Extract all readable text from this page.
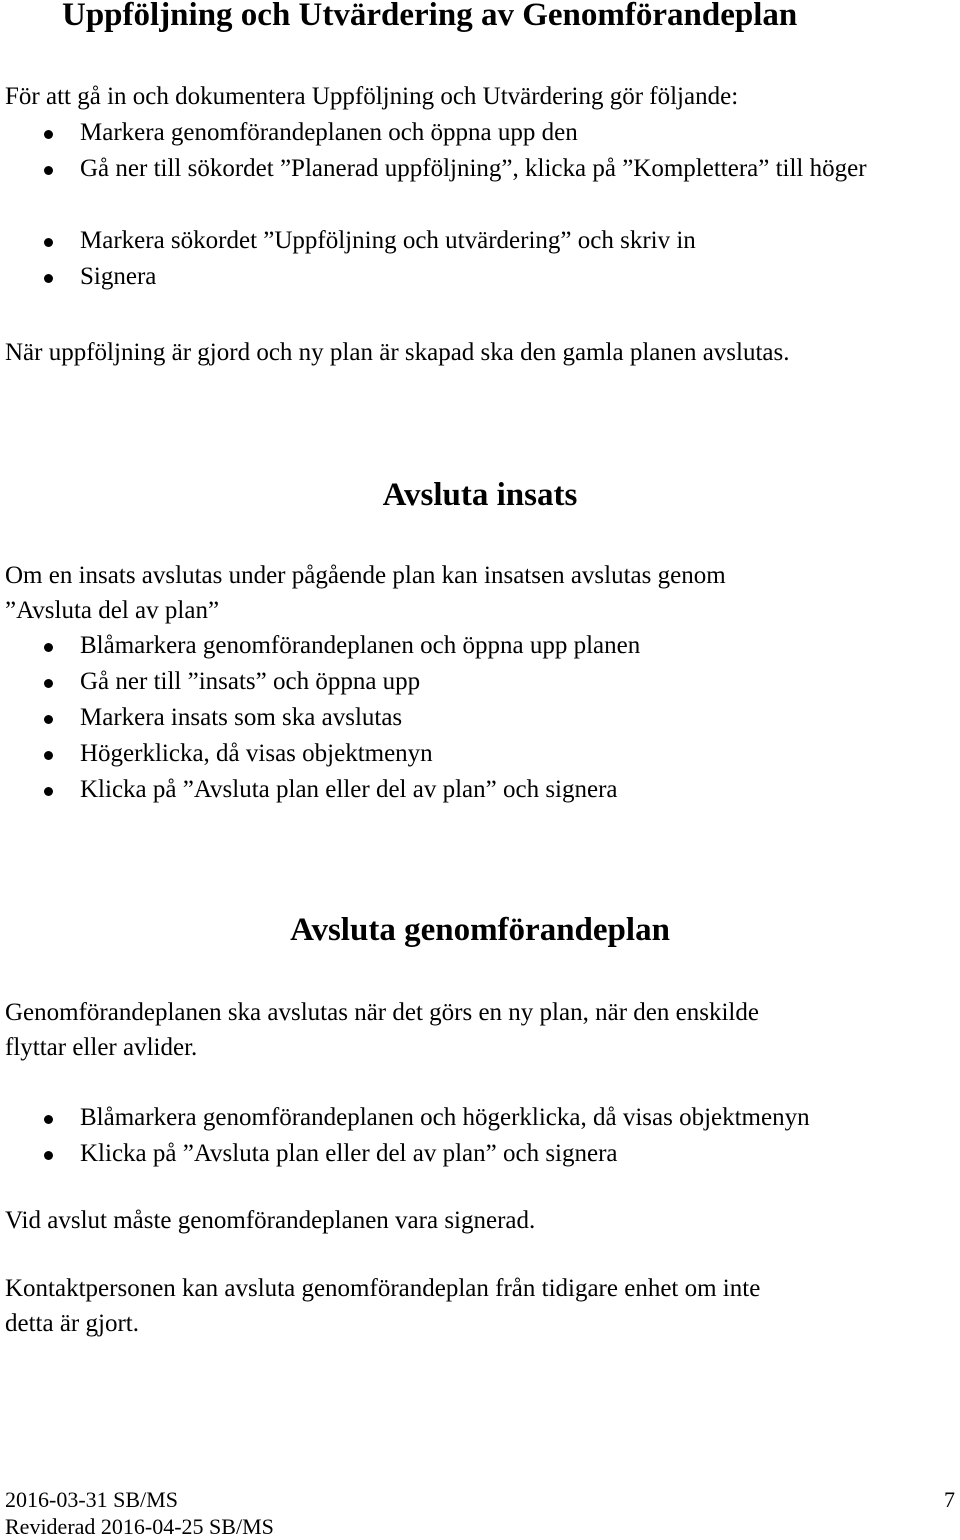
Uppföljning och Utvärdering av Genomförandeplan

För att gå in och dokumentera Uppföljning och Utvärdering gör följande:

Markera genomförandeplanen och öppna upp den
Gå ner till sökordet ”Planerad uppföljning”, klicka på ”Komplettera” till höger
Markera sökordet ”Uppföljning och utvärdering” och skriv in
Signera

När uppföljning är gjord och ny plan är skapad ska den gamla planen avslutas.

Avsluta insats

Om en insats avslutas under pågående plan kan insatsen avslutas genom

”Avsluta del av plan”

Blåmarkera genomförandeplanen och öppna upp planen
Gå ner till ”insats” och öppna upp
Markera insats som ska avslutas
Högerklicka, då visas objektmenyn
Klicka på ”Avsluta plan eller del av plan” och signera
Avsluta genomförandeplan

Genomförandeplanen ska avslutas när det görs en ny plan, när den enskilde

flyttar eller avlider.

Blåmarkera genomförandeplanen och högerklicka, då visas objektmenyn
Klicka på ”Avsluta plan eller del av plan” och signera

Vid avslut måste genomförandeplanen vara signerad.

Kontaktpersonen kan avsluta genomförandeplan från tidigare enhet om inte

detta är gjort.

2016-03-31 SB/MS
Reviderad 2016-04-25 SB/MS
7
